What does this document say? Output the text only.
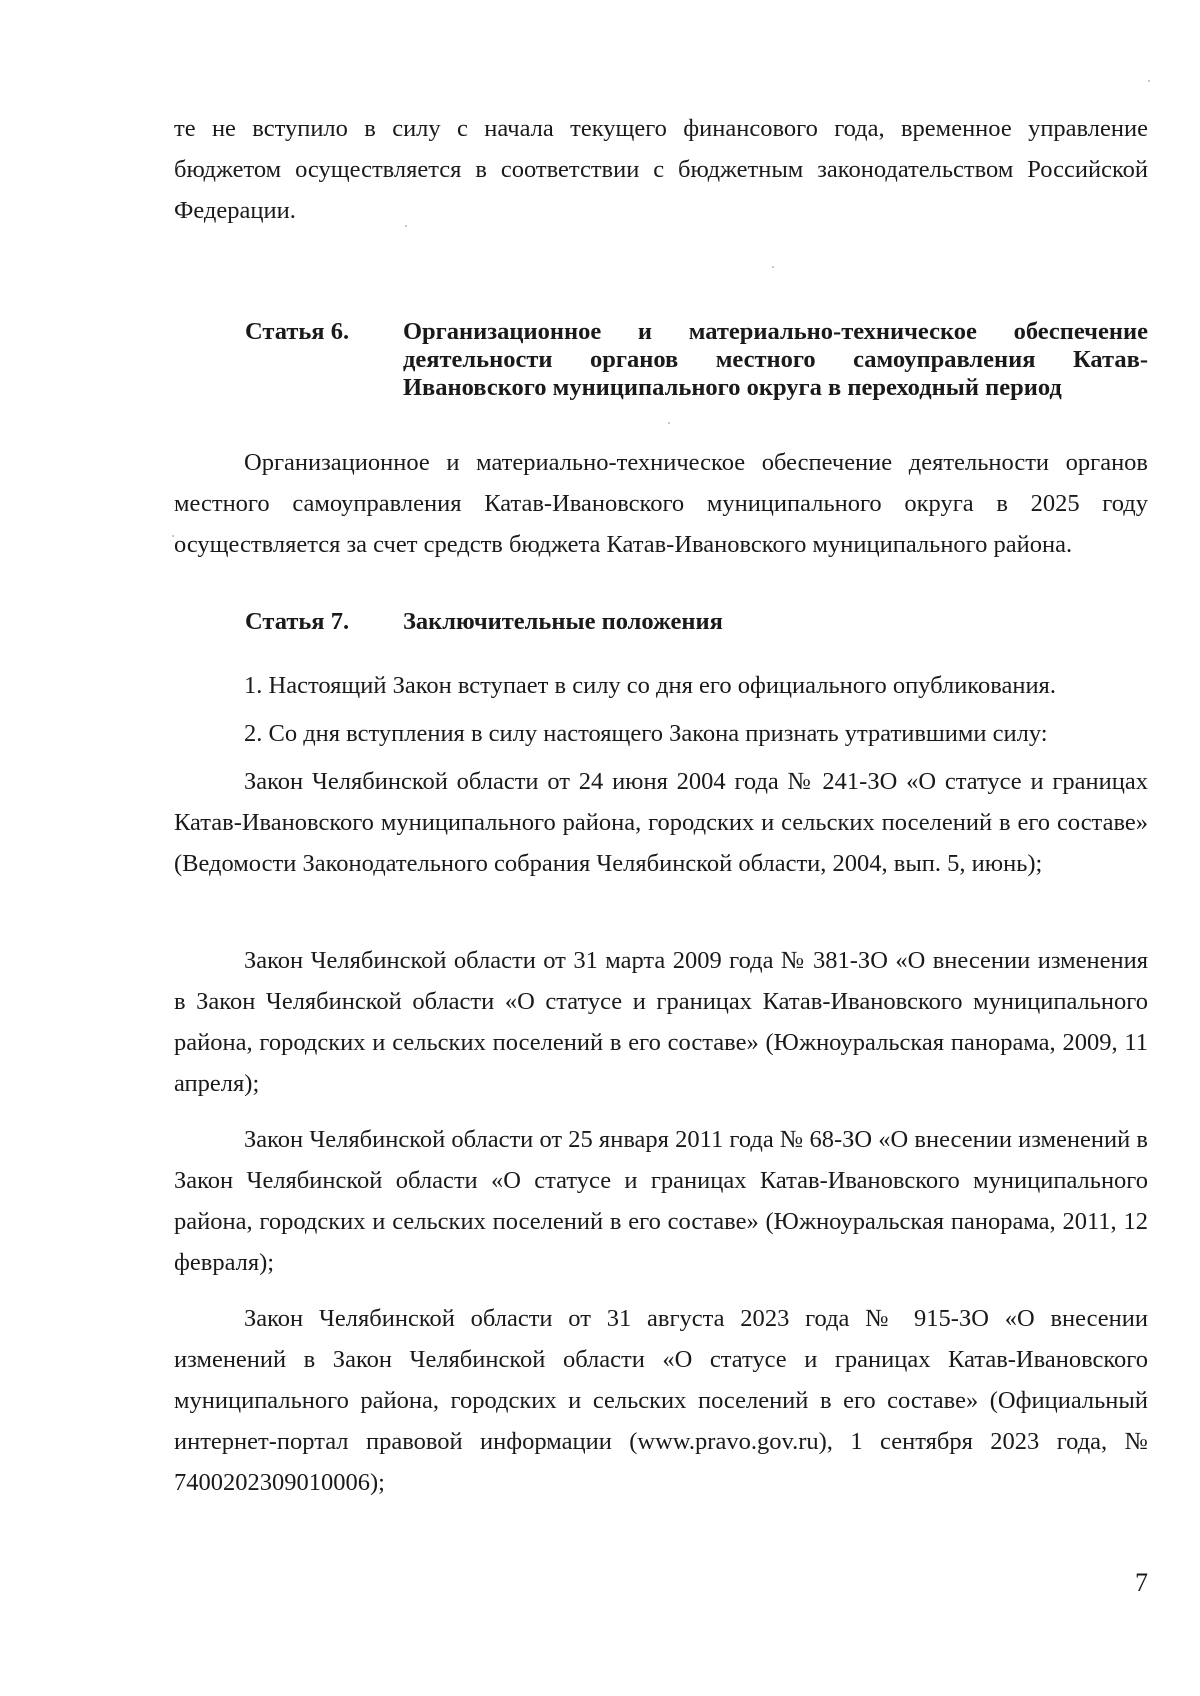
те не вступило в силу с начала текущего финансового года, временное управление бюджетом осуществляется в соответствии с бюджетным законодательством Российской Федерации.

Статья 6.	Организационное и материально-техническое обеспечение деятельности органов местного самоуправления Катав-Ивановского муниципального округа в переходный период

Организационное и материально-техническое обеспечение деятельности органов местного самоуправления Катав-Ивановского муниципального округа в 2025 году осуществляется за счет средств бюджета Катав-Ивановского муниципального района.

Статья 7.	Заключительные положения

1. Настоящий Закон вступает в силу со дня его официального опубликования.

2. Со дня вступления в силу настоящего Закона признать утратившими силу:

Закон Челябинской области от 24 июня 2004 года № 241-ЗО «О статусе и границах Катав-Ивановского муниципального района, городских и сельских поселений в его составе» (Ведомости Законодательного собрания Челябинской области, 2004, вып. 5, июнь);

Закон Челябинской области от 31 марта 2009 года № 381-ЗО «О внесении изменения в Закон Челябинской области «О статусе и границах Катав-Ивановского муниципального района, городских и сельских поселений в его составе» (Южноуральская панорама, 2009, 11 апреля);

Закон Челябинской области от 25 января 2011 года № 68-ЗО «О внесении изменений в Закон Челябинской области «О статусе и границах Катав-Ивановского муниципального района, городских и сельских поселений в его составе» (Южноуральская панорама, 2011, 12 февраля);

Закон Челябинской области от 31 августа 2023 года № 915-ЗО «О внесении изменений в Закон Челябинской области «О статусе и границах Катав-Ивановского муниципального района, городских и сельских поселений в его составе» (Официальный интернет-портал правовой информации (www.pravo.gov.ru), 1 сентября 2023 года, № 7400202309010006);

7
